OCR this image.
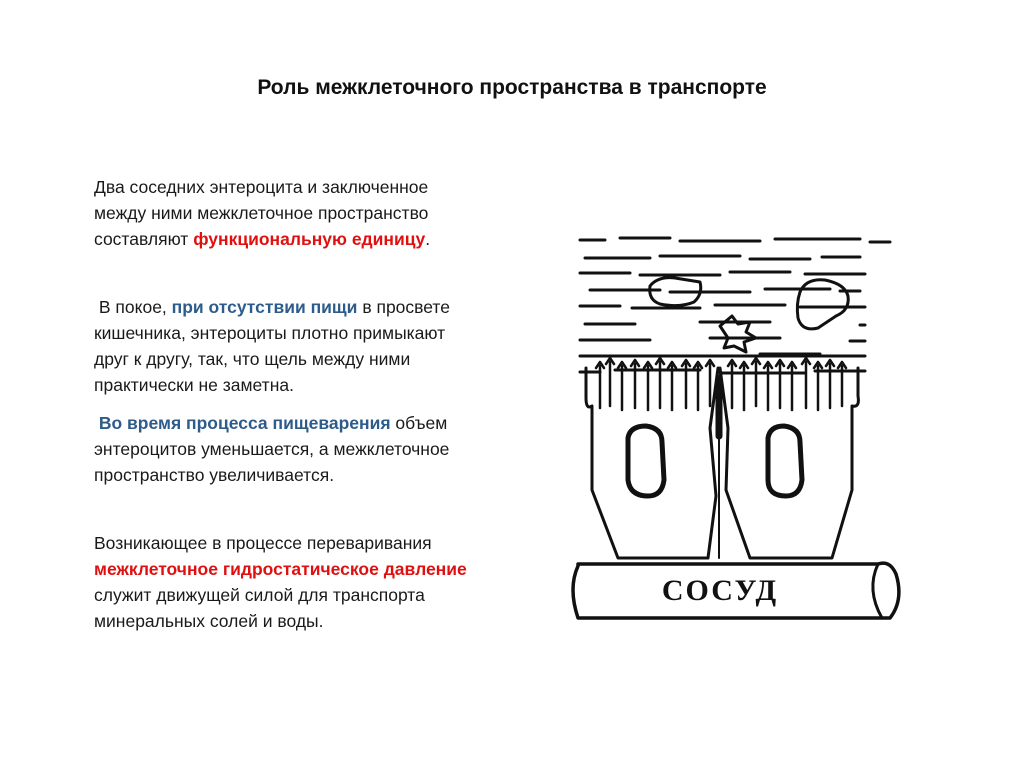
Роль межклеточного пространства в транспорте

Два соседних энтероцита и заключенное

между ними межклеточное пространство

составляют функциональную единицу.

В покое, при отсутствии пищи в просвете

кишечника, энтероциты плотно примыкают

друг к другу, так, что щель между ними

практически не заметна.

Во время процесса пищеварения объем

энтероцитов уменьшается, а межклеточное

пространство увеличивается.

Возникающее в процессе переваривания

межклеточное гидростатическое давление

служит движущей силой для транспорта

минеральных солей и воды.

СОСУД
